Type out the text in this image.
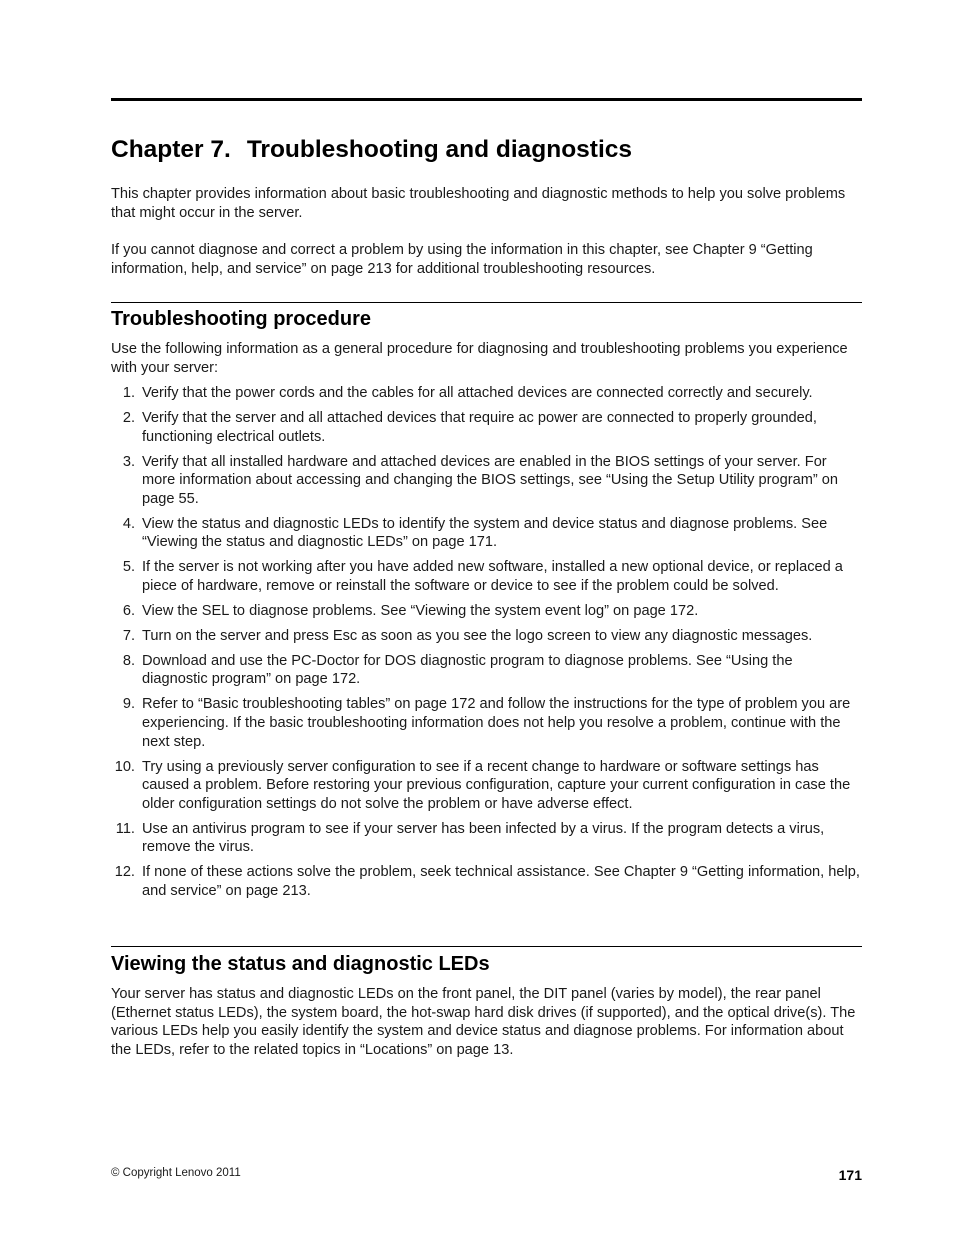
Chapter 7. Troubleshooting and diagnostics

This chapter provides information about basic troubleshooting and diagnostic methods to help you solve problems that might occur in the server.

If you cannot diagnose and correct a problem by using the information in this chapter, see Chapter 9 “Getting information, help, and service” on page 213 for additional troubleshooting resources.

Troubleshooting procedure

Use the following information as a general procedure for diagnosing and troubleshooting problems you experience with your server:

1. Verify that the power cords and the cables for all attached devices are connected correctly and securely.
2. Verify that the server and all attached devices that require ac power are connected to properly grounded, functioning electrical outlets.
3. Verify that all installed hardware and attached devices are enabled in the BIOS settings of your server. For more information about accessing and changing the BIOS settings, see “Using the Setup Utility program” on page 55.
4. View the status and diagnostic LEDs to identify the system and device status and diagnose problems. See “Viewing the status and diagnostic LEDs” on page 171.
5. If the server is not working after you have added new software, installed a new optional device, or replaced a piece of hardware, remove or reinstall the software or device to see if the problem could be solved.
6. View the SEL to diagnose problems. See “Viewing the system event log” on page 172.
7. Turn on the server and press Esc as soon as you see the logo screen to view any diagnostic messages.
8. Download and use the PC-Doctor for DOS diagnostic program to diagnose problems. See “Using the diagnostic program” on page 172.
9. Refer to “Basic troubleshooting tables” on page 172 and follow the instructions for the type of problem you are experiencing. If the basic troubleshooting information does not help you resolve a problem, continue with the next step.
10. Try using a previously server configuration to see if a recent change to hardware or software settings has caused a problem. Before restoring your previous configuration, capture your current configuration in case the older configuration settings do not solve the problem or have adverse effect.
11. Use an antivirus program to see if your server has been infected by a virus. If the program detects a virus, remove the virus.
12. If none of these actions solve the problem, seek technical assistance. See Chapter 9 “Getting information, help, and service” on page 213.
Viewing the status and diagnostic LEDs

Your server has status and diagnostic LEDs on the front panel, the DIT panel (varies by model), the rear panel (Ethernet status LEDs), the system board, the hot-swap hard disk drives (if supported), and the optical drive(s). The various LEDs help you easily identify the system and device status and diagnose problems. For information about the LEDs, refer to the related topics in “Locations” on page 13.

© Copyright Lenovo 2011	171
